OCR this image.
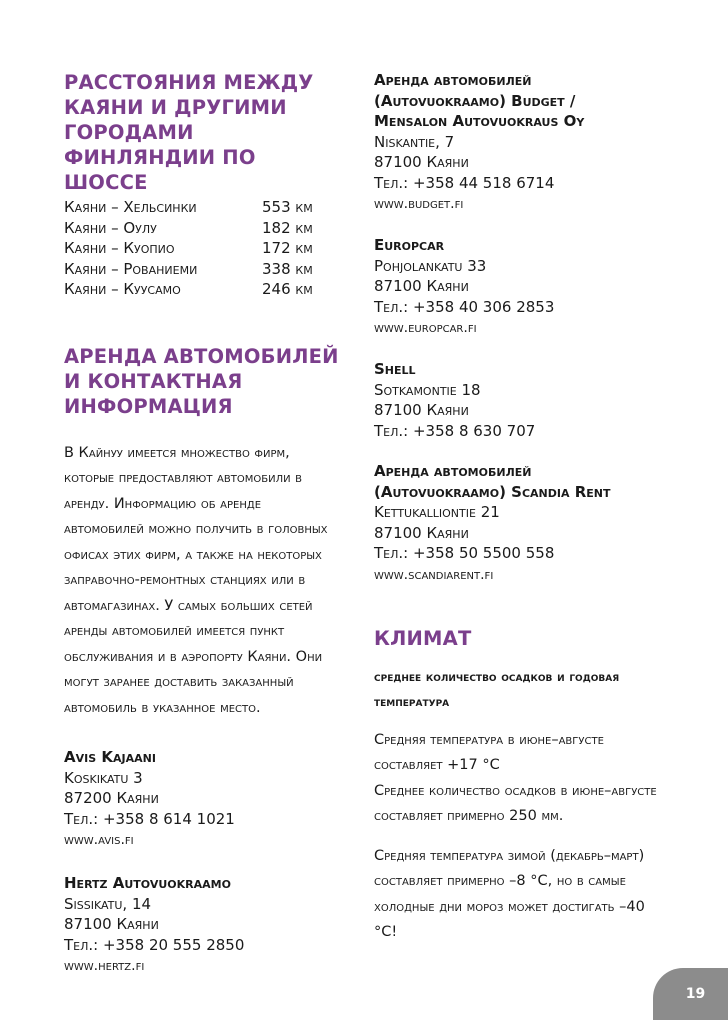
РАССТОЯНИЯ МЕЖДУ КАЯНИ И ДРУГИМИ ГОРОДАМИ ФИНЛЯНДИИ ПО ШОССЕ
Каяни – Хельсинки	553 км
Каяни – Оулу	182 км
Каяни – Куопио	172 км
Каяни – Рованиеми	338 км
Каяни – Куусамо	246 км
АРЕНДА АВТОМОБИЛЕЙ И КОНТАКТНАЯ ИНФОРМАЦИЯ

В Кайнуу имеется множество фирм, которые предоставляют автомобили в аренду. Информацию об аренде автомобилей можно получить в головных офисах этих фирм, а также на некоторых заправочно-ремонтных станциях или в автомагазинах. У самых больших сетей аренды автомобилей имеется пункт обслуживания и в аэропорту Каяни. Они могут заранее доставить заказанный автомобиль в указанное место.

Avis Kajaani
Koskikatu 3
87200 Каяни
Тел.: +358 8 614 1021
www.avis.fi
Hertz Autovuokraamo
Sissikatu, 14
87100 Каяни
Тел.: +358 20 555 2850
www.hertz.fi
Аренда автомобилей
(Autovuokraamo) Budget /
Mensalon Autovuokraus Oy
Niskantie, 7
87100 Каяни
Тел.: +358 44 518 6714
www.budget.fi
Europcar
Pohjolankatu 33
87100 Каяни
Тел.: +358 40 306 2853
www.europcar.fi
Shell
Sotkamontie 18
87100 Каяни
Тел.: +358 8 630 707
Аренда автомобилей
(Autovuokraamo) Scandia Rent
Kettukalliontie 21
87100 Каяни
Тел.: +358 50 5500 558
www.scandiarent.fi
КЛИМАТ

среднее количество осадков и годовая температура

Средняя температура в июне–августе составляет +17 °C

Среднее количество осадков в июне–августе составляет примерно 250 мм.

Средняя температура зимой (декабрь–март) составляет примерно –8 °C, но в самые холодные дни мороз может достигать –40 °C!

19
